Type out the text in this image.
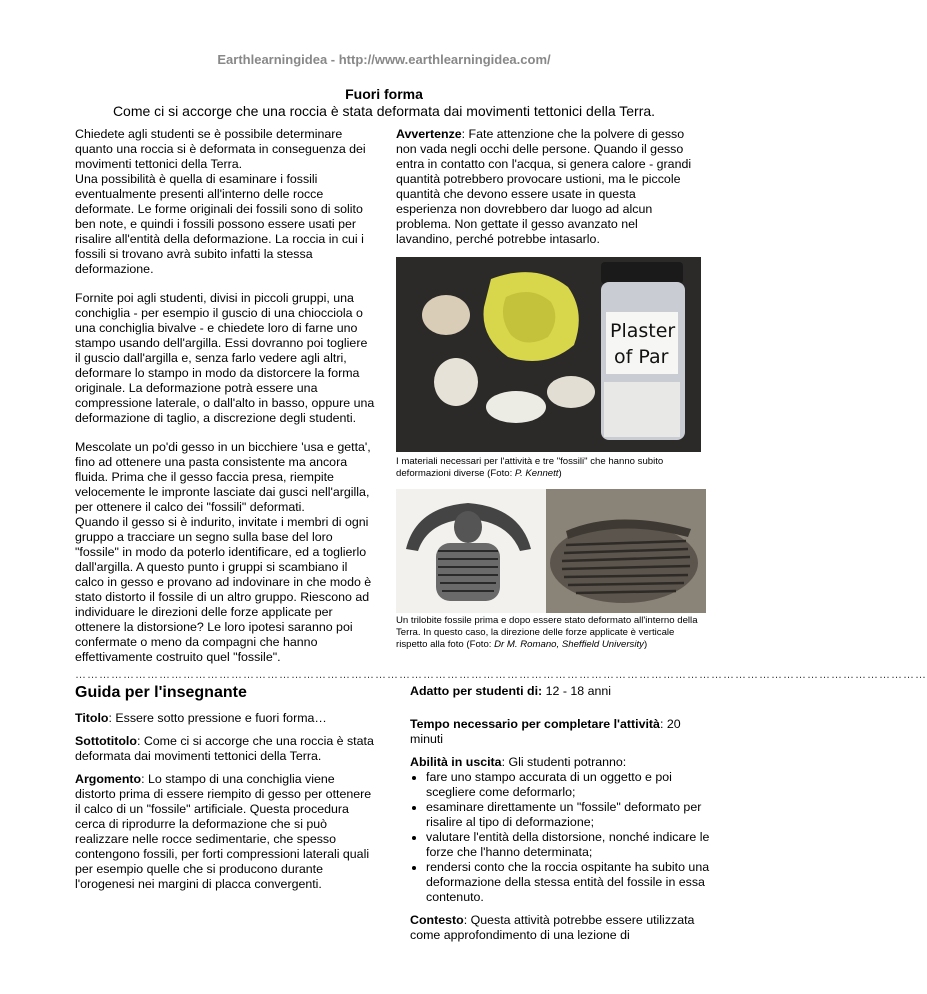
Earthlearningidea - http://www.earthlearningidea.com/
Fuori forma
Come ci si accorge che una roccia è stata deformata dai movimenti tettonici della Terra.

Chiedete agli studenti se è possibile determinare quanto una roccia si è deformata in conseguenza dei movimenti tettonici della Terra.
Una possibilità è quella di esaminare i fossili eventualmente presenti all'interno delle rocce deformate. Le forme originali dei fossili sono di solito ben note, e quindi i fossili possono essere usati per risalire all'entità della deformazione. La roccia in cui i fossili si trovano avrà subito infatti la stessa deformazione.

Fornite poi agli studenti, divisi in piccoli gruppi, una conchiglia - per esempio il guscio di una chiocciola o una conchiglia bivalve - e chiedete loro di farne uno stampo usando dell'argilla. Essi dovranno poi togliere il guscio dall'argilla e, senza farlo vedere agli altri, deformare lo stampo in modo da distorcere la forma originale. La deformazione potrà essere una compressione laterale, o dall'alto in basso, oppure una deformazione di taglio, a discrezione degli studenti.

Mescolate un po'di gesso in un bicchiere 'usa e getta', fino ad ottenere una pasta consistente ma ancora fluida. Prima che il gesso faccia presa, riempite velocemente le impronte lasciate dai gusci nell'argilla, per ottenere il calco dei "fossili" deformati.
Quando il gesso si è indurito, invitate i membri di ogni gruppo a tracciare un segno sulla base del loro "fossile" in modo da poterlo identificare, ed a toglierlo dall'argilla. A questo punto i gruppi si scambiano il calco in gesso e provano ad indovinare in che modo è stato distorto il fossile di un altro gruppo. Riescono ad individuare le direzioni delle forze applicate per ottenere la distorsione? Le loro ipotesi saranno poi confermate o meno da compagni che hanno effettivamente costruito quel "fossile".

Avvertenze: Fate attenzione che la polvere di gesso non vada negli occhi delle persone. Quando il gesso entra in contatto con l'acqua, si genera calore - grandi quantità potrebbero provocare ustioni, ma le piccole quantità che devono essere usate in questa esperienza non dovrebbero dar luogo ad alcun problema. Non gettate il gesso avanzato nel lavandino, perché potrebbe intasarlo.
Plaster
of Par
I materiali necessari per l'attività e tre "fossili" che hanno subito deformazioni diverse (Foto: P. Kennett)
Un trilobite fossile prima e dopo essere stato deformato all'interno della Terra. In questo caso, la direzione delle forze applicate è verticale rispetto alla foto (Foto: Dr M. Romano, Sheffield University)
……………………………………………………………………………………………………………………………………………………………………………………………
Guida per l'insegnante

Titolo: Essere sotto pressione e fuori forma…

Sottotitolo: Come ci si accorge che una roccia è stata deformata dai movimenti tettonici della Terra.

Argomento: Lo stampo di una conchiglia viene distorto prima di essere riempito di gesso per ottenere il calco di un "fossile" artificiale. Questa procedura cerca di riprodurre la deformazione che si può realizzare nelle rocce sedimentarie, che spesso contengono fossili, per forti compressioni laterali quali per esempio quelle che si producono durante l'orogenesi nei margini di placca convergenti.

Adatto per studenti di: 12 - 18 anni

Tempo necessario per completare l'attività: 20 minuti

Abilità in uscita: Gli studenti potranno:

• fare uno stampo accurata di un oggetto e poi scegliere come deformarlo;
• esaminare direttamente un "fossile" deformato per risalire al tipo di deformazione;
• valutare l'entità della distorsione, nonché indicare le forze che l'hanno determinata;
• rendersi conto che la roccia ospitante ha subito una deformazione della stessa entità del fossile in essa contenuto.

Contesto: Questa attività potrebbe essere utilizzata come approfondimento di una lezione di
